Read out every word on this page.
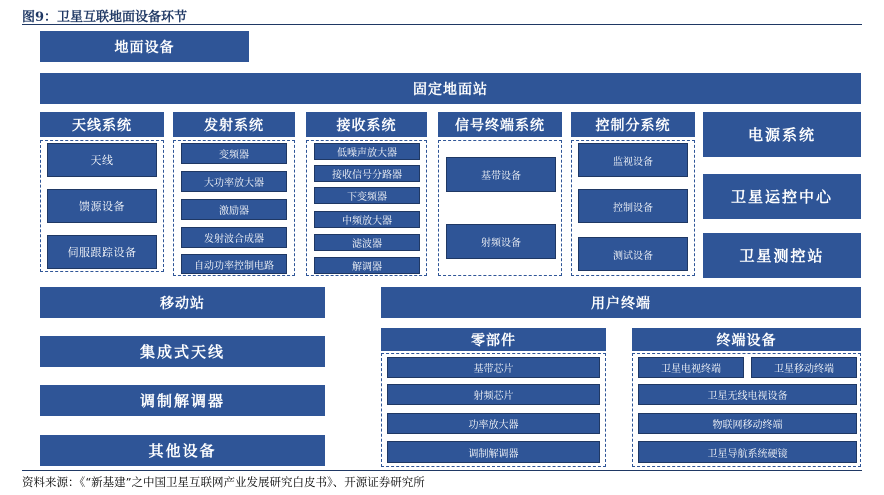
图9：卫星互联地面设备环节
地面设备
固定地面站
天线系统
天线
馈源设备
伺服跟踪设备
发射系统
变频器
大功率放大器
激励器
发射波合成器
自动功率控制电路
接收系统
低噪声放大器
接收信号分路器
下变频器
中频放大器
滤波器
解调器
信号终端系统
基带设备
射频设备
控制分系统
监视设备
控制设备
测试设备
电源系统
卫星运控中心
卫星测控站
移动站
集成式天线
调制解调器
其他设备
用户终端
零部件
基带芯片
射频芯片
功率放大器
调制解调器
终端设备
卫星电视终端	卫星移动终端
卫星无线电视设备
物联网移动终端
卫星导航系统硬镜
资料来源：《“新基建”之中国卫星互联网产业发展研究白皮书》、开源证券研究所
